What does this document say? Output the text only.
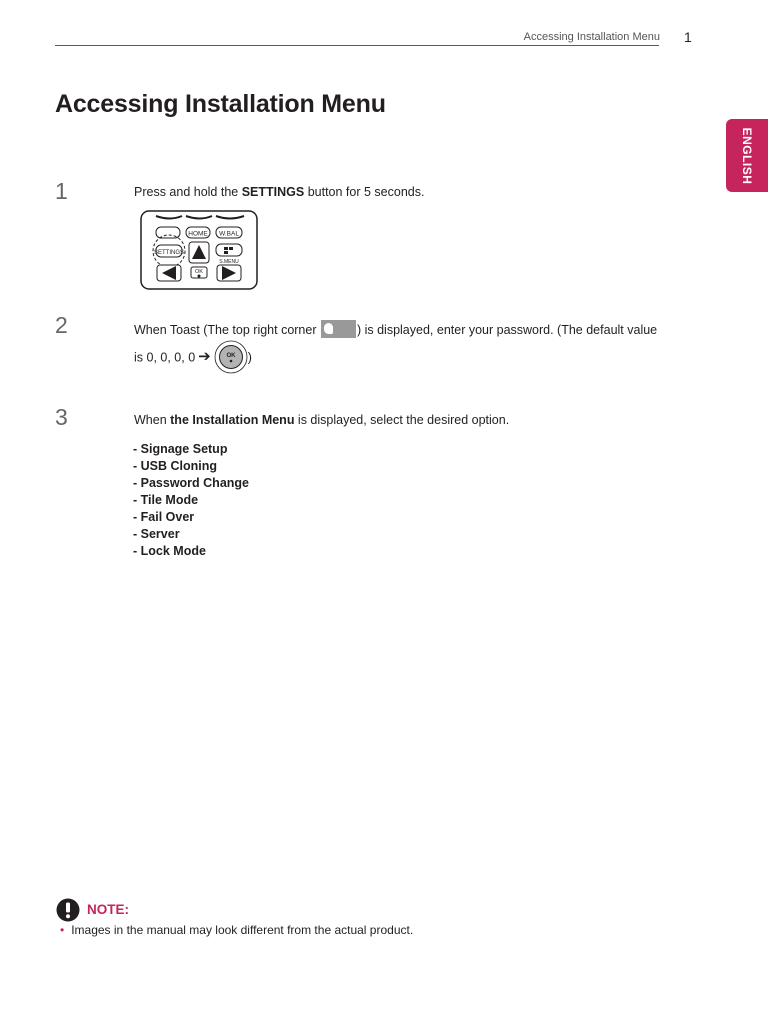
Accessing Installation Menu 1
Accessing Installation Menu
ENGLISH
1	Press and hold the SETTINGS button for 5 seconds.
HOME W.BAL
SETTINGS
S.MENU
OK
2	When Toast (The top right corner	) is displayed, enter your password. (The default value
is 0, 0, 0, 0 ➔	OK )
3	When the Installation Menu is displayed, select the desired option.
- Signage Setup
- USB Cloning
- Password Change
- Tile Mode
- Fail Over
- Server
- Lock Mode
NOTE:
• Images in the manual may look different from the actual product.
